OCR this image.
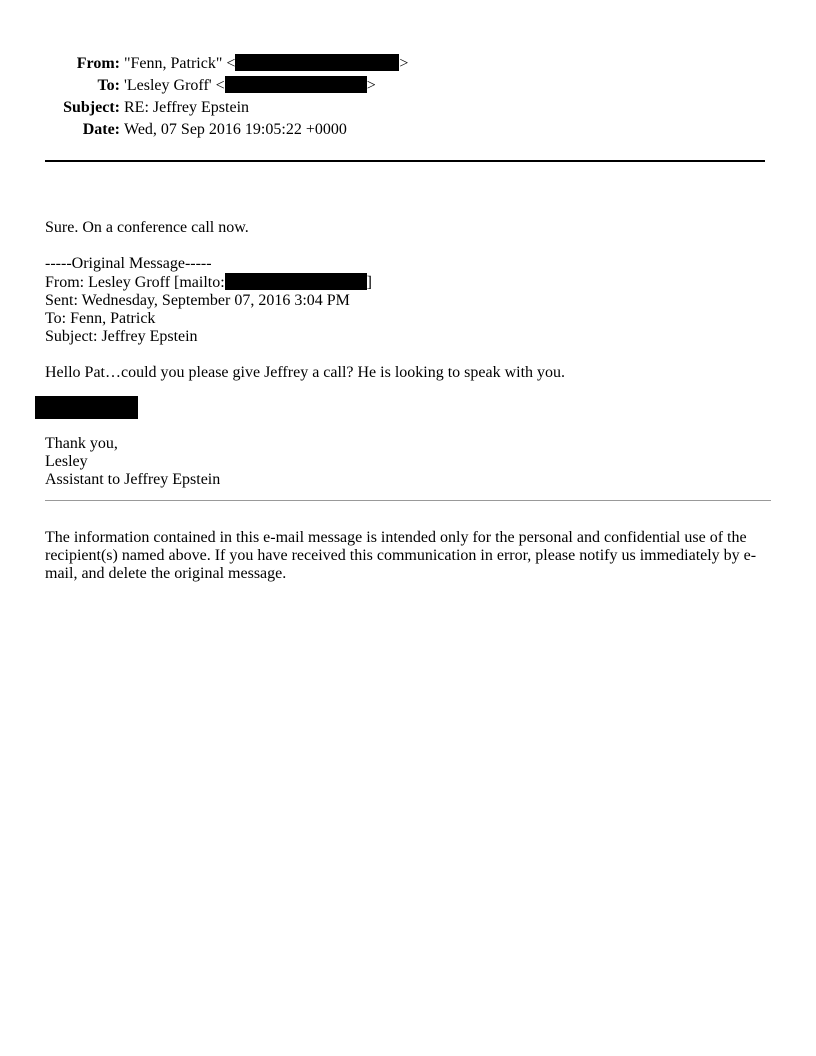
From: "Fenn, Patrick" <	>
To: 'Lesley Groff' <	>
Subject: RE: Jeffrey Epstein
Date: Wed, 07 Sep 2016 19:05:22 +0000
Sure. On a conference call now.
-----Original Message-----
From: Lesley Groff [mailto:	]
Sent: Wednesday, September 07, 2016 3:04 PM
To: Fenn, Patrick
Subject: Jeffrey Epstein
Hello Pat…could you please give Jeffrey a call? He is looking to speak with you.
Thank you,
Lesley
Assistant to Jeffrey Epstein
The information contained in this e-mail message is intended only for the personal and confidential use of the recipient(s) named above. If you have received this communication in error, please notify us immediately by e-mail, and delete the original message.
